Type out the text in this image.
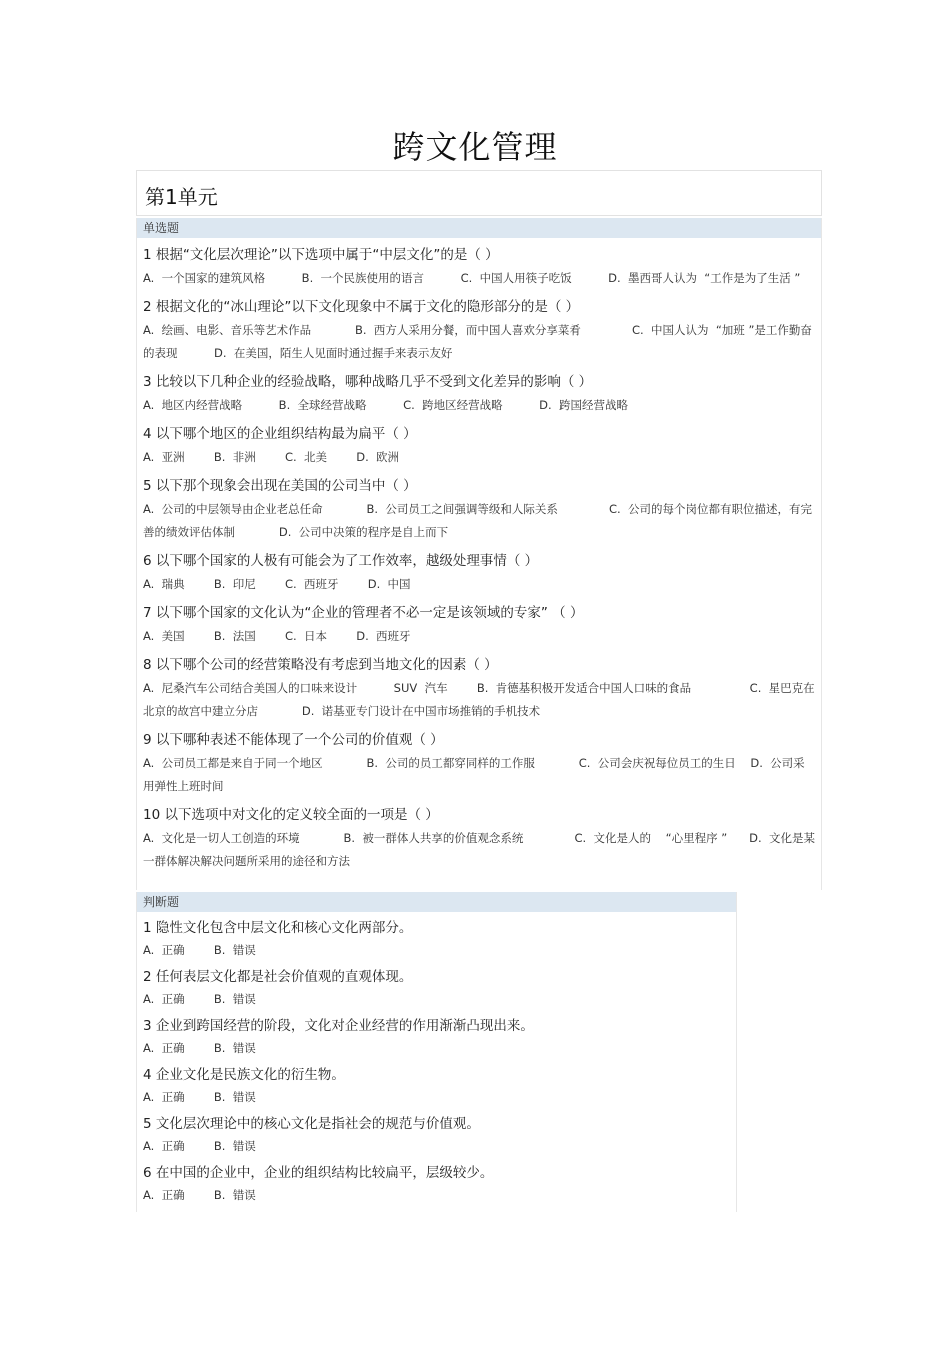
跨文化管理
第1单元
单选题
1 根据“文化层次理论”以下选项中属于“中层文化”的是（ ）
A.  一个国家的建筑风格          B.  一个民族使用的语言          C.  中国人用筷子吃饭          D.  墨西哥人认为  “工作是为了生活 ”
2 根据文化的“冰山理论”以下文化现象中不属于文化的隐形部分的是（ ）
A.  绘画、电影、音乐等艺术作品            B.  西方人采用分餐，而中国人喜欢分享菜肴              C.  中国人认为  “加班 ”是工作勤奋的表现          D.  在美国，陌生人见面时通过握手来表示友好
3 比较以下几种企业的经验战略，哪种战略几乎不受到文化差异的影响（ ）
A.  地区内经营战略          B.  全球经营战略          C.  跨地区经营战略          D.  跨国经营战略
4 以下哪个地区的企业组织结构最为扁平（ ）
A.  亚洲        B.  非洲        C.  北美        D.  欧洲
5 以下那个现象会出现在美国的公司当中（ ）
A.  公司的中层领导由企业老总任命            B.  公司员工之间强调等级和人际关系              C.  公司的每个岗位都有职位描述，有完善的绩效评估体制            D.  公司中决策的程序是自上而下
6 以下哪个国家的人极有可能会为了工作效率，越级处理事情（ ）
A.  瑞典        B.  印尼        C.  西班牙        D.  中国
7 以下哪个国家的文化认为“企业的管理者不必一定是该领域的专家” （ ）
A.  美国        B.  法国        C.  日本        D.  西班牙
8 以下哪个公司的经营策略没有考虑到当地文化的因素（ ）
A.  尼桑汽车公司结合美国人的口味来设计          SUV  汽车        B.  肯德基积极开发适合中国人口味的食品                C.  星巴克在北京的故宫中建立分店            D.  诺基亚专门设计在中国市场推销的手机技术
9 以下哪种表述不能体现了一个公司的价值观（ ）
A.  公司员工都是来自于同一个地区            B.  公司的员工都穿同样的工作服            C.  公司会庆祝每位员工的生日    D.  公司采用弹性上班时间
10 以下选项中对文化的定义较全面的一项是（ ）
A.  文化是一切人工创造的环境            B.  被一群体人共享的价值观念系统              C.  文化是人的    “心里程序 ”      D.  文化是某一群体解决解决问题所采用的途径和方法
判断题
1 隐性文化包含中层文化和核心文化两部分。
A.  正确        B.  错误
2 任何表层文化都是社会价值观的直观体现。
A.  正确        B.  错误
3 企业到跨国经营的阶段，文化对企业经营的作用渐渐凸现出来。
A.  正确        B.  错误
4 企业文化是民族文化的衍生物。
A.  正确        B.  错误
5 文化层次理论中的核心文化是指社会的规范与价值观。
A.  正确        B.  错误
6 在中国的企业中，企业的组织结构比较扁平，层级较少。
A.  正确        B.  错误
